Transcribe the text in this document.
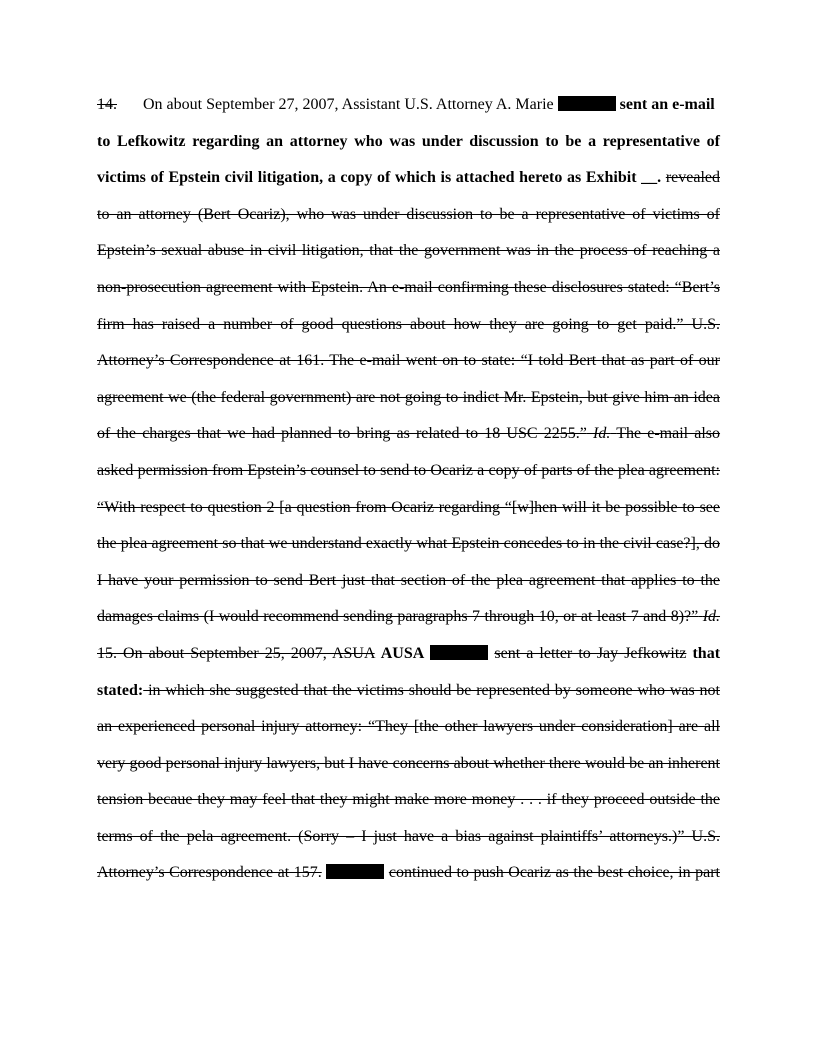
14. On about September 27, 2007, Assistant U.S. Attorney A. Marie	sent an e-mail
to Lefkowitz regarding an attorney who was under discussion to be a representative of
victims of Epstein civil litigation, a copy of which is attached hereto as Exhibit __. revealed
to an attorney (Bert Ocariz), who was under discussion to be a representative of victims of
Epstein’s sexual abuse in civil litigation, that the government was in the process of reaching a
non-prosecution agreement with Epstein. An e-mail confirming these disclosures stated: “Bert’s
firm has raised a number of good questions about how they are going to get paid.” U.S.
Attorney’s Correspondence at 161. The e-mail went on to state: “I told Bert that as part of our
agreement we (the federal government) are not going to indict Mr. Epstein, but give him an idea
of the charges that we had planned to bring as related to 18 USC 2255.” Id. The e-mail also
asked permission from Epstein’s counsel to send to Ocariz a copy of parts of the plea agreement:
“With respect to question 2 [a question from Ocariz regarding “[w]hen will it be possible to see
the plea agreement so that we understand exactly what Epstein concedes to in the civil case?], do
I have your permission to send Bert just that section of the plea agreement that applies to the
damages claims (I would recommend sending paragraphs 7 through 10, or at least 7 and 8)?” Id.
15. On about September 25, 2007, ASUA AUSA	sent a letter to Jay Jefkowitz that
stated: in which she suggested that the victims should be represented by someone who was not
an experienced personal injury attorney: “They [the other lawyers under consideration] are all
very good personal injury lawyers, but I have concerns about whether there would be an inherent
tension becaue they may feel that they might make more money . . . if they proceed outside the
terms of the pela agreement. (Sorry – I just have a bias against plaintiffs’ attorneys.)” U.S.
Attorney’s Correspondence at 157.	continued to push Ocariz as the best choice, in part
